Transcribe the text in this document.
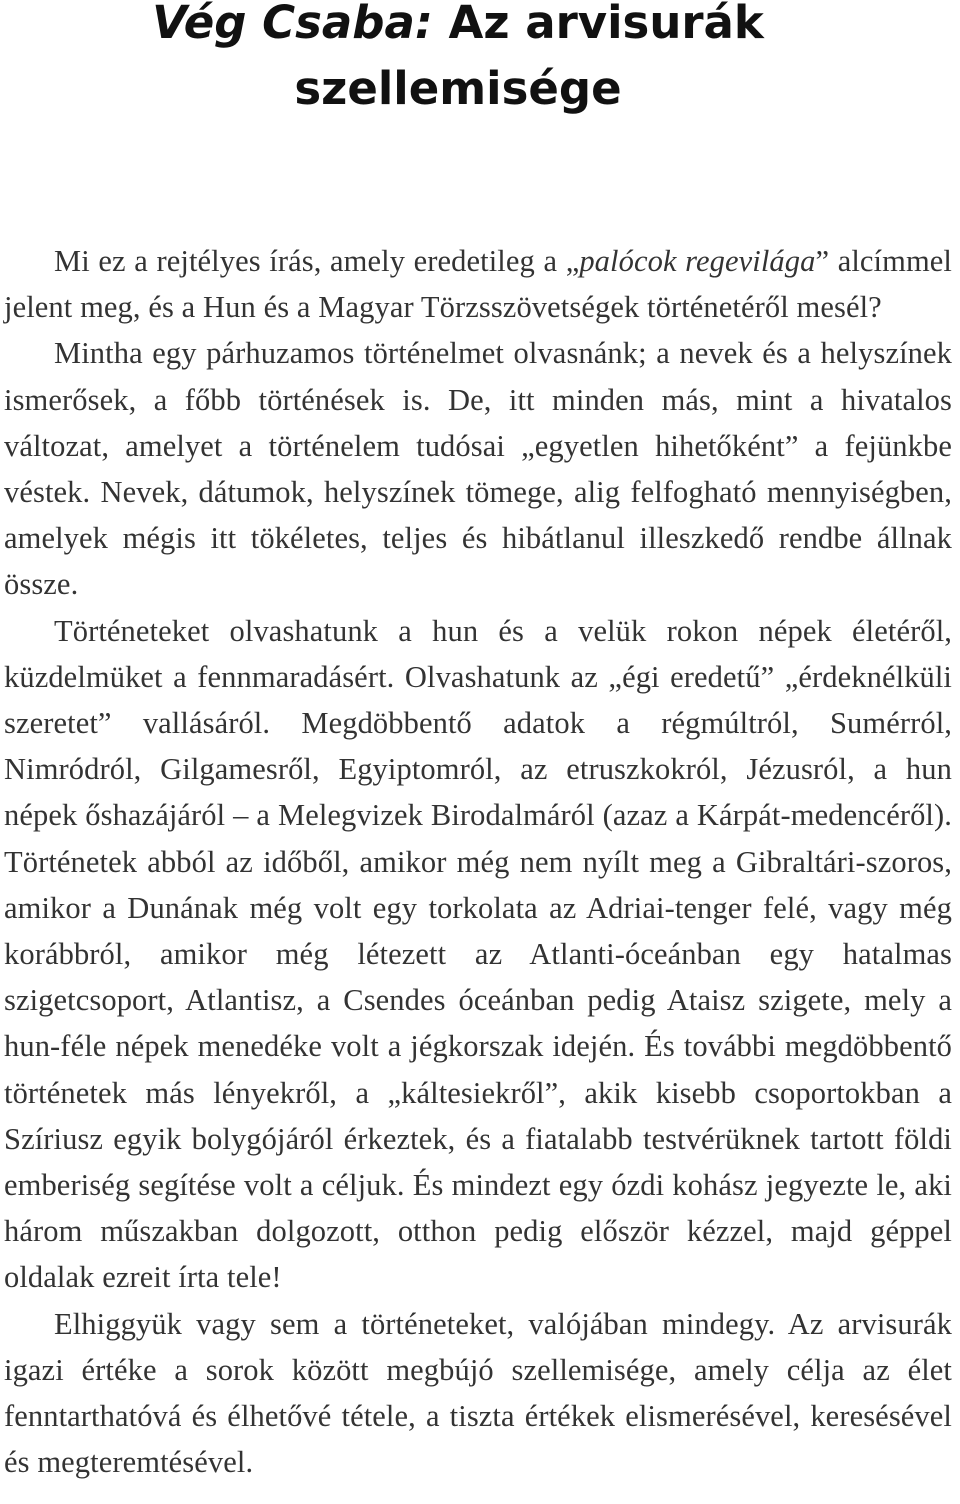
Vég Csaba: Az arvisurák szellemisége

Mi ez a rejtélyes írás, amely eredetileg a „palócok regevilága” alcímmel jelent meg, és a Hun és a Magyar Törzsszövetségek történetéről mesél?

Mintha egy párhuzamos történelmet olvasnánk; a nevek és a helyszínek ismerősek, a főbb történések is. De, itt minden más, mint a hivatalos változat, amelyet a történelem tudósai „egyetlen hihetőként” a fejünkbe véstek. Nevek, dátumok, helyszínek tömege, alig felfogható mennyiségben, amelyek mégis itt tökéletes, teljes és hibátlanul illeszkedő rendbe állnak össze.

Történeteket olvashatunk a hun és a velük rokon népek életéről, küzdelmüket a fennmaradásért. Olvashatunk az „égi eredetű” „érdeknélküli szeretet” vallásáról. Megdöbbentő adatok a régmúltról, Sumérról, Nimródról, Gilgamesről, Egyiptomról, az etruszkokról, Jézusról, a hun népek őshazájáról – a Melegvizek Birodalmáról (azaz a Kárpát-medencéről). Történetek abból az időből, amikor még nem nyílt meg a Gibraltári-szoros, amikor a Dunának még volt egy torkolata az Adriai-tenger felé, vagy még korábbról, amikor még létezett az Atlanti-óceánban egy hatalmas szigetcsoport, Atlantisz, a Csendes óceánban pedig Ataisz szigete, mely a hun-féle népek menedéke volt a jégkorszak idején. És további megdöbbentő történetek más lényekről, a „káltesiekről”, akik kisebb csoportokban a Szíriusz egyik bolygójáról érkeztek, és a fiatalabb testvérüknek tartott földi emberiség segítése volt a céljuk. És mindezt egy ózdi kohász jegyezte le, aki három műszakban dolgozott, otthon pedig először kézzel, majd géppel oldalak ezreit írta tele!

Elhiggyük vagy sem a történeteket, valójában mindegy. Az arvisurák igazi értéke a sorok között megbújó szellemisége, amely célja az élet fenntarthatóvá és élhetővé tétele, a tiszta értékek elismerésével, keresésével és megteremtésével.
